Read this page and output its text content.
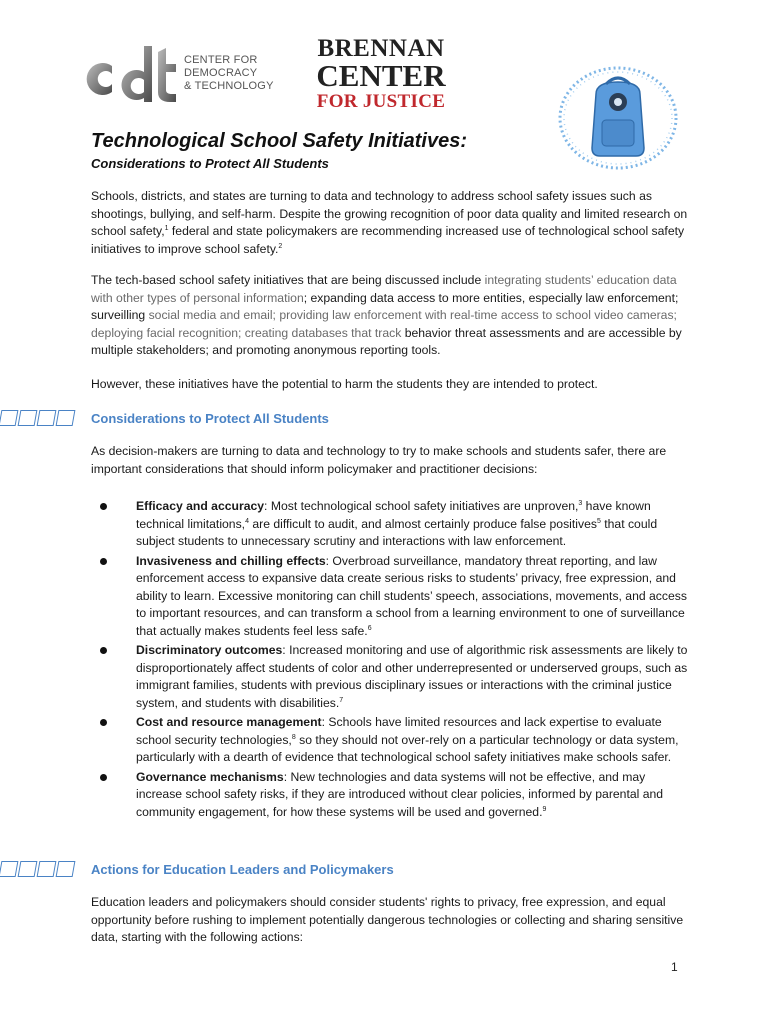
CENTER FOR
DEMOCRACY
& TECHNOLOGY
BRENNAN
CENTER
FOR JUSTICE
Technological School Safety Initiatives:
Considerations to Protect All Students

Schools, districts, and states are turning to data and technology to address school safety issues such as shootings, bullying, and self-harm. Despite the growing recognition of poor data quality and limited research on school safety,$^1$ federal and state policymakers are recommending increased use of technological school safety initiatives to improve school safety.$^2$

The tech-based school safety initiatives that are being discussed include integrating students’ education data with other types of personal information; expanding data access to more entities, especially law enforcement; surveilling social media and email; providing law enforcement with real-time access to school video cameras; deploying facial recognition; creating databases that track behavior threat assessments and are accessible by multiple stakeholders; and promoting anonymous reporting tools.

However, these initiatives have the potential to harm the students they are intended to protect.

Considerations to Protect All Students

As decision-makers are turning to data and technology to try to make schools and students safer, there are important considerations that should inform policymaker and practitioner decisions:

Efficacy and accuracy: Most technological school safety initiatives are unproven,$^3$ have known technical limitations,$^4$ are difficult to audit, and almost certainly produce false positives$^5$ that could subject students to unnecessary scrutiny and interactions with law enforcement.
Invasiveness and chilling effects: Overbroad surveillance, mandatory threat reporting, and law enforcement access to expansive data create serious risks to students’ privacy, free expression, and ability to learn. Excessive monitoring can chill students’ speech, associations, movements, and access to important resources, and can transform a school from a learning environment to one of surveillance that actually makes students feel less safe.$^6$
Discriminatory outcomes: Increased monitoring and use of algorithmic risk assessments are likely to disproportionately affect students of color and other underrepresented or underserved groups, such as immigrant families, students with previous disciplinary issues or interactions with the criminal justice system, and students with disabilities.$^7$
Cost and resource management: Schools have limited resources and lack expertise to evaluate school security technologies,$^8$ so they should not over-rely on a particular technology or data system, particularly with a dearth of evidence that technological school safety initiatives make schools safer.
Governance mechanisms: New technologies and data systems will not be effective, and may increase school safety risks, if they are introduced without clear policies, informed by parental and community engagement, for how these systems will be used and governed.$^9$
Actions for Education Leaders and Policymakers

Education leaders and policymakers should consider students' rights to privacy, free expression, and equal opportunity before rushing to implement potentially dangerous technologies or collecting and sharing sensitive data, starting with the following actions:

1
